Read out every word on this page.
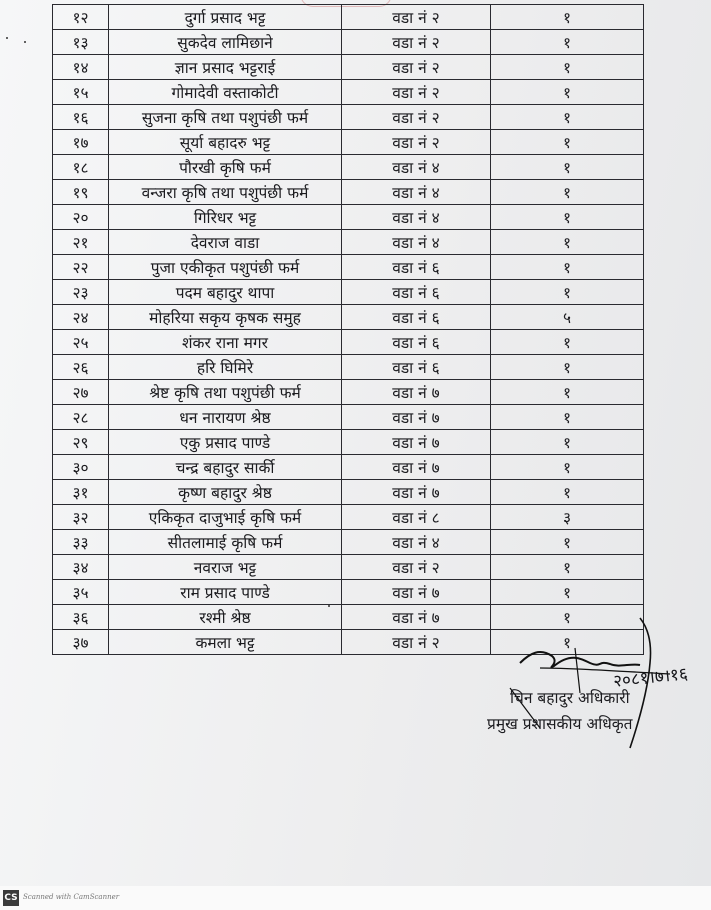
१२	दुर्गा प्रसाद भट्ट	वडा नं २	१
१३	सुकदेव लामिछाने	वडा नं २	१
१४	ज्ञान प्रसाद भट्टराई	वडा नं २	१
१५	गोमादेवी वस्ताकोटी	वडा नं २	१
१६	सुजना कृषि तथा पशुपंछी फर्म	वडा नं २	१
१७	सूर्या बहादरु भट्ट	वडा नं २	१
१८	पौरखी कृषि फर्म	वडा नं ४	१
१९	वन्जरा कृषि तथा पशुपंछी फर्म	वडा नं ४	१
२०	गिरिधर भट्ट	वडा नं ४	१
२१	देवराज वाडा	वडा नं ४	१
२२	पुजा एकीकृत पशुपंछी फर्म	वडा नं ६	१
२३	पदम बहादुर थापा	वडा नं ६	१
२४	मोहरिया सकृय कृषक समुह	वडा नं ६	५
२५	शंकर राना मगर	वडा नं ६	१
२६	हरि घिमिरे	वडा नं ६	१
२७	श्रेष्ट कृषि तथा पशुपंछी फर्म	वडा नं ७	१
२८	धन नारायण श्रेष्ठ	वडा नं ७	१
२९	एकु प्रसाद पाण्डे	वडा नं ७	१
३०	चन्द्र बहादुर सार्की	वडा नं ७	१
३१	कृष्ण बहादुर श्रेष्ठ	वडा नं ७	१
३२	एकिकृत दाजुभाई कृषि फर्म	वडा नं ८	३
३३	सीतलामाई कृषि फर्म	वडा नं ४	१
३४	नवराज भट्ट	वडा नं २	१
३५	राम प्रसाद पाण्डे	वडा नं ७	१
३६	रश्मी श्रेष्ठ	वडा नं ७	१
३७	कमला भट्ट	वडा नं २	१
२०८१।७।१६
चिन बहादुर अधिकारी
प्रमुख प्रशासकीय अधिकृत
CS Scanned with CamScanner
